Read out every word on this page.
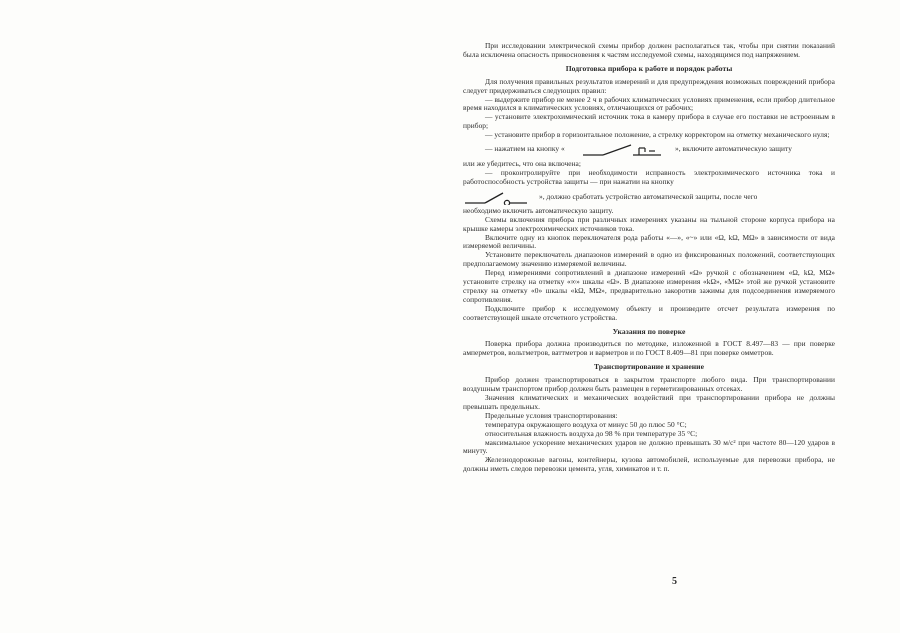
При исследовании электрической схемы прибор должен располагаться так, чтобы при снятии показаний была исключена опасность прикосновения к частям исследуемой схемы, находящимся под напряжением.

Подготовка прибора к работе и порядок работы

Для получения правильных результатов измерений и для предупреждения возможных повреждений прибора следует придерживаться следующих правил:

— выдержите прибор не менее 2 ч в рабочих климатических условиях применения, если прибор длительное время находился в климатических условиях, отличающихся от рабочих;

— установите электрохимический источник тока в камеру прибора в случае его поставки не встроенным в прибор;

— установите прибор в горизонтальное положение, а стрелку корректором на отметку механического нуля;

— нажатием на кнопку «	», включите автоматическую защиту

или же убедитесь, что она включена;

— проконтролируйте при необходимости исправность электрохимического источника тока и работоспособность устройства защиты — при нажатии на кнопку

», должно сработать устройство автоматической защиты, после чего

необходимо включить автоматическую защиту.

Схемы включения прибора при различных измерениях указаны на тыльной стороне корпуса прибора на крышке камеры электрохимических источников тока.

Включите одну из кнопок переключателя рода работы «—», «~» или «Ω, kΩ, MΩ» в зависимости от вида измеряемой величины.

Установите переключатель диапазонов измерений в одно из фиксированных положений, соответствующих предполагаемому значению измеряемой величины.

Перед измерениями сопротивлений в диапазоне измерений «Ω» ручкой с обозначением «Ω, kΩ, MΩ» установите стрелку на отметку «∞» шкалы «Ω». В диапазоне измерения «kΩ», «MΩ» этой же ручкой установите стрелку на отметку «0» шкалы «kΩ, MΩ», предварительно закоротив зажимы для подсоединения измеряемого сопротивления.

Подключите прибор к исследуемому объекту и произведите отсчет результата измерения по соответствующей шкале отсчетного устройства.

Указания по поверке

Поверка прибора должна производиться по методике, изложенной в ГОСТ 8.497—83 — при поверке амперметров, вольтметров, ваттметров и варметров и по ГОСТ 8.409—81 при поверке омметров.

Транспортирование и хранение

Прибор должен транспортироваться в закрытом транспорте любого вида. При транспортировании воздушным транспортом прибор должен быть размещен в герметизированных отсеках.

Значения климатических и механических воздействий при транспортировании прибора не должны превышать предельных.

Предельные условия транспортирования:

температура окружающего воздуха от минус 50 до плюс 50 °С;

относительная влажность воздуха до 98 % при температуре 35 °С;

максимальное ускорение механических ударов не должно превышать 30 м/с² при частоте 80—120 ударов в минуту.

Железнодорожные вагоны, контейнеры, кузова автомобилей, используемые для перевозки прибора, не должны иметь следов перевозки цемента, угля, химикатов и т. п.

5
